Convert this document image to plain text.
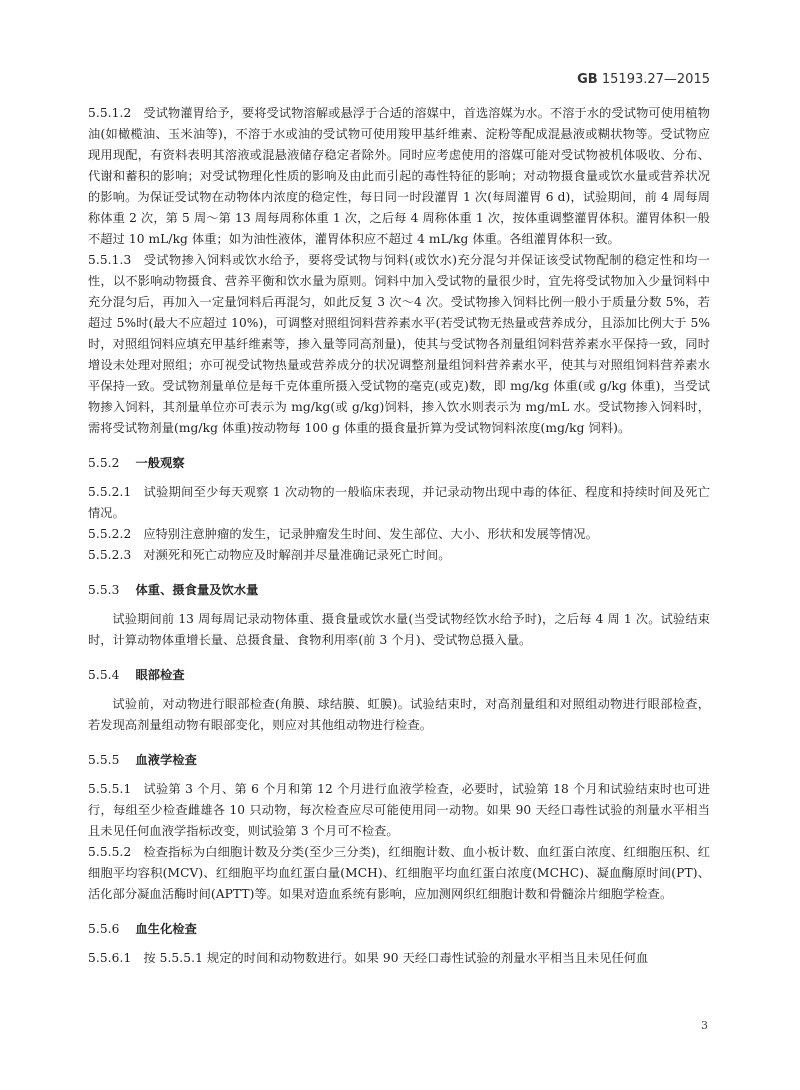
GB 15193.27—2015

5.5.1.2 受试物灌胃给予，要将受试物溶解或悬浮于合适的溶媒中，首选溶媒为水。不溶于水的受试物可使用植物油(如橄榄油、玉米油等)，不溶于水或油的受试物可使用羧甲基纤维素、淀粉等配成混悬液或糊状物等。受试物应现用现配，有资料表明其溶液或混悬液储存稳定者除外。同时应考虑使用的溶媒可能对受试物被机体吸收、分布、代谢和蓄积的影响；对受试物理化性质的影响及由此而引起的毒性特征的影响；对动物摄食量或饮水量或营养状况的影响。为保证受试物在动物体内浓度的稳定性，每日同一时段灌胃 1 次(每周灌胃 6 d)，试验期间，前 4 周每周称体重 2 次，第 5 周～第 13 周每周称体重 1 次，之后每 4 周称体重 1 次，按体重调整灌胃体积。灌胃体积一般不超过 10 mL/kg 体重；如为油性液体，灌胃体积应不超过 4 mL/kg 体重。各组灌胃体积一致。

5.5.1.3 受试物掺入饲料或饮水给予，要将受试物与饲料(或饮水)充分混匀并保证该受试物配制的稳定性和均一性，以不影响动物摄食、营养平衡和饮水量为原则。饲料中加入受试物的量很少时，宜先将受试物加入少量饲料中充分混匀后，再加入一定量饲料后再混匀，如此反复 3 次～4 次。受试物掺入饲料比例一般小于质量分数 5%，若超过 5%时(最大不应超过 10%)，可调整对照组饲料营养素水平(若受试物无热量或营养成分，且添加比例大于 5%时，对照组饲料应填充甲基纤维素等，掺入量等同高剂量)，使其与受试物各剂量组饲料营养素水平保持一致，同时增设未处理对照组；亦可视受试物热量或营养成分的状况调整剂量组饲料营养素水平，使其与对照组饲料营养素水平保持一致。受试物剂量单位是每千克体重所摄入受试物的毫克(或克)数，即 mg/kg 体重(或 g/kg 体重)，当受试物掺入饲料，其剂量单位亦可表示为 mg/kg(或 g/kg)饲料，掺入饮水则表示为 mg/mL 水。受试物掺入饲料时，需将受试物剂量(mg/kg 体重)按动物每 100 g 体重的摄食量折算为受试物饲料浓度(mg/kg 饲料)。

5.5.2 一般观察

5.5.2.1 试验期间至少每天观察 1 次动物的一般临床表现，并记录动物出现中毒的体征、程度和持续时间及死亡情况。

5.5.2.2 应特别注意肿瘤的发生，记录肿瘤发生时间、发生部位、大小、形状和发展等情况。

5.5.2.3 对濒死和死亡动物应及时解剖并尽量准确记录死亡时间。

5.5.3 体重、摄食量及饮水量

试验期间前 13 周每周记录动物体重、摄食量或饮水量(当受试物经饮水给予时)，之后每 4 周 1 次。试验结束时，计算动物体重增长量、总摄食量、食物利用率(前 3 个月)、受试物总摄入量。

5.5.4 眼部检查

试验前，对动物进行眼部检查(角膜、球结膜、虹膜)。试验结束时，对高剂量组和对照组动物进行眼部检查，若发现高剂量组动物有眼部变化，则应对其他组动物进行检查。

5.5.5 血液学检查

5.5.5.1 试验第 3 个月、第 6 个月和第 12 个月进行血液学检查，必要时，试验第 18 个月和试验结束时也可进行，每组至少检查雌雄各 10 只动物，每次检查应尽可能使用同一动物。如果 90 天经口毒性试验的剂量水平相当且未见任何血液学指标改变，则试验第 3 个月可不检查。

5.5.5.2 检查指标为白细胞计数及分类(至少三分类)，红细胞计数、血小板计数、血红蛋白浓度、红细胞压积、红细胞平均容积(MCV)、红细胞平均血红蛋白量(MCH)、红细胞平均血红蛋白浓度(MCHC)、凝血酶原时间(PT)、活化部分凝血活酶时间(APTT)等。如果对造血系统有影响，应加测网织红细胞计数和骨髓涂片细胞学检查。

5.5.6 血生化检查

5.5.6.1 按 5.5.5.1 规定的时间和动物数进行。如果 90 天经口毒性试验的剂量水平相当且未见任何血

3
